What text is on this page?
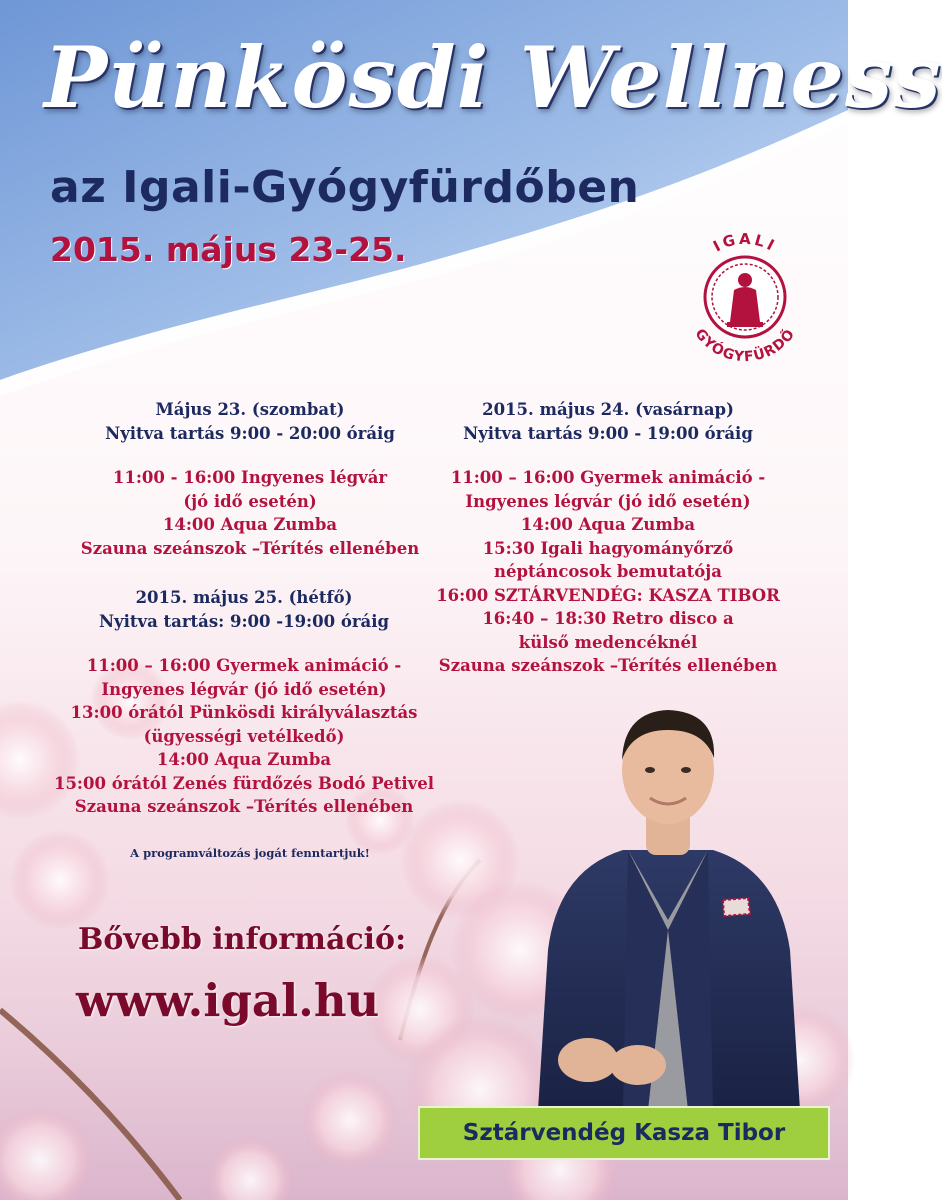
Pünkösdi Wellness
az Igali-Gyógyfürdőben
2015. május 23-25.	IGALI
GYÓGYFÜRDŐ
Május 23. (szombat)
Nyitva tartás 9:00 - 20:00 óráig
11:00 - 16:00 Ingyenes légvár
(jó idő esetén)
14:00 Aqua Zumba
Szauna szeánszok –Térítés ellenében
2015. május 24. (vasárnap)
Nyitva tartás 9:00 - 19:00 óráig
11:00 – 16:00 Gyermek animáció -
Ingyenes légvár (jó idő esetén)
14:00 Aqua Zumba
15:30 Igali hagyományőrző
néptáncosok bemutatója
16:00 SZTÁRVENDÉG: KASZA TIBOR
16:40 – 18:30 Retro disco a
külső medencéknél
Szauna szeánszok –Térítés ellenében
2015. május 25. (hétfő)
Nyitva tartás: 9:00 -19:00 óráig
11:00 – 16:00 Gyermek animáció -
Ingyenes légvár (jó idő esetén)
13:00 órától Pünkösdi királyválasztás
(ügyességi vetélkedő)
14:00 Aqua Zumba
15:00 órától Zenés fürdőzés Bodó Petivel
Szauna szeánszok –Térítés ellenében
A programváltozás jogát fenntartjuk!
Bővebb információ:
www.igal.hu
Sztárvendég Kasza Tibor
